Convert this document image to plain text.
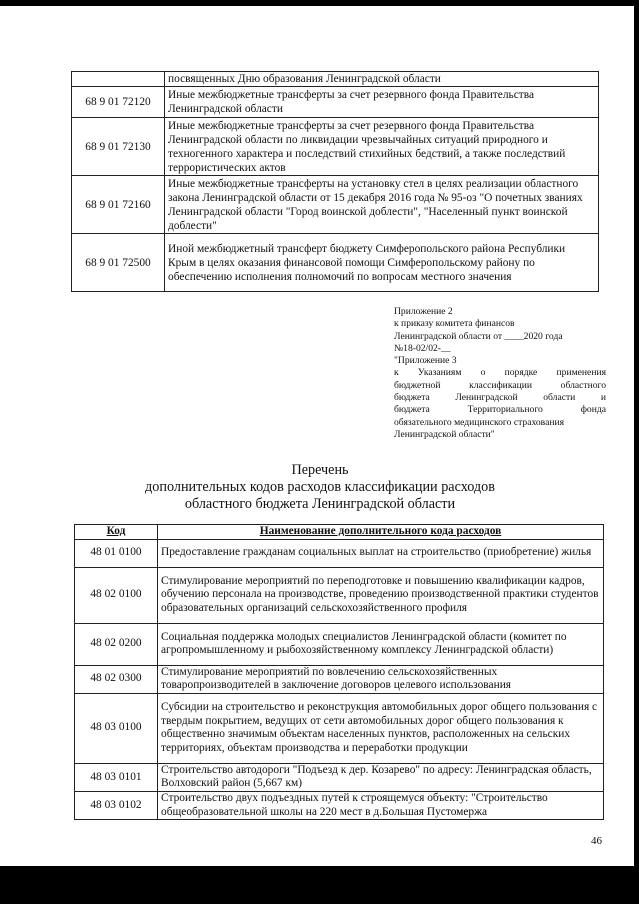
	посвященных Дню образования Ленинградской области
68 9 01 72120	Иные межбюджетные трансферты за счет резервного фонда Правительства Ленинградской области
68 9 01 72130	Иные межбюджетные трансферты за счет резервного фонда Правительства Ленинградской области по ликвидации чрезвычайных ситуаций природного и техногенного характера и последствий стихийных бедствий, а также последствий террористических актов
68 9 01 72160	Иные межбюджетные трансферты на установку стел в целях реализации областного закона Ленинградской области от 15 декабря 2016 года № 95-оз "О почетных званиях Ленинградской области "Город воинской доблести", "Населенный пункт воинской доблести"
68 9 01 72500	Иной межбюджетный трансферт бюджету Симферопольского района Республики Крым в целях оказания финансовой помощи Симферопольскому району по обеспечению исполнения полномочий по вопросам местного значения
Приложение 2
к приказу комитета финансов
Ленинградской области от ____2020 года
№18-02/02-__
"Приложение 3
к Указаниям о порядке применения
бюджетной классификации областного
бюджета Ленинградской области и
бюджета Территориального фонда
обязательного медицинского страхования
Ленинградской области"
Перечень
дополнительных кодов расходов классификации расходов
областного бюджета Ленинградской области
Код	Наименование дополнительного кода расходов
48 01 0100	Предоставление гражданам социальных выплат на строительство (приобретение) жилья
48 02 0100	Стимулирование мероприятий по переподготовке и повышению квалификации кадров, обучению персонала на производстве, проведению производственной практики студентов образовательных организаций сельскохозяйственного профиля
48 02 0200	Социальная поддержка молодых специалистов Ленинградской области (комитет по агропромышленному и рыбохозяйственному комплексу Ленинградской области)
48 02 0300	Стимулирование мероприятий по вовлечению сельскохозяйственных товаропроизводителей в заключение договоров целевого использования
48 03 0100	Субсидии на строительство и реконструкция автомобильных дорог общего пользования с твердым покрытием, ведущих от сети автомобильных дорог общего пользования к общественно значимым объектам населенных пунктов, расположенных на сельских территориях, объектам производства и переработки продукции
48 03 0101	Строительство автодороги "Подъезд к дер. Козарево" по адресу: Ленинградская область, Волховский район (5,667 км)
48 03 0102	Строительство двух подъездных путей к строящемуся объекту: "Строительство общеобразовательной школы на 220 мест в д.Большая Пустомержа
46
